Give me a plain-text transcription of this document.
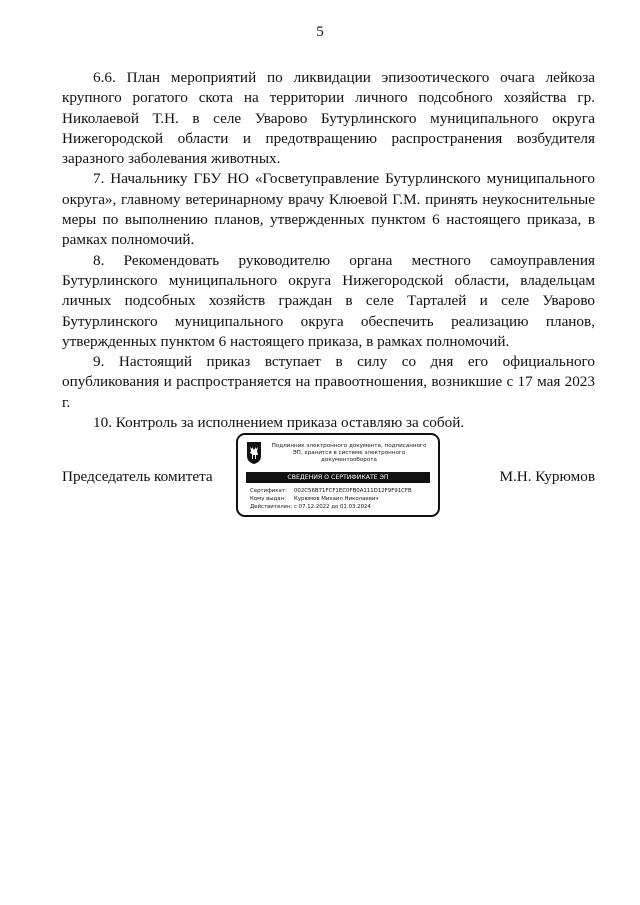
5

6.6. План мероприятий по ликвидации эпизоотического очага лейкоза крупного рогатого скота на территории личного подсобного хозяйства гр. Николаевой Т.Н. в селе Уварово Бутурлинского муниципального округа Нижегородской области и предотвращению распространения возбудителя заразного заболевания животных.

7. Начальнику ГБУ НО «Госветуправление Бутурлинского муниципального округа», главному ветеринарному врачу Клюевой Г.М. принять неукоснительные меры по выполнению планов, утвержденных пунктом 6 настоящего приказа, в рамках полномочий.

8. Рекомендовать руководителю органа местного самоуправления Бутурлинского муниципального округа Нижегородской области, владельцам личных подсобных хозяйств граждан в селе Тарталей и селе Уварово Бутурлинского муниципального округа обеспечить реализацию планов, утвержденных пунктом 6 настоящего приказа, в рамках полномочий.

9. Настоящий приказ вступает в силу со дня его официального опубликования и распространяется на правоотношения, возникшие с 17 мая 2023 г.

10. Контроль за исполнением приказа оставляю за собой.

Председатель комитета	М.Н. Курюмов
Подлинник электронного документа, подписанного ЭП, хранится в системе электронного документооборота
СВЕДЕНИЯ О СЕРТИФИКАТЕ ЭП
Сертификат: 002C56B71FCF1EC0FB0A111D12F9F91CFB
Кому выдан: Курюмов Михаил Николаевич
Действителен: с 07.12.2022 до 01.03.2024
